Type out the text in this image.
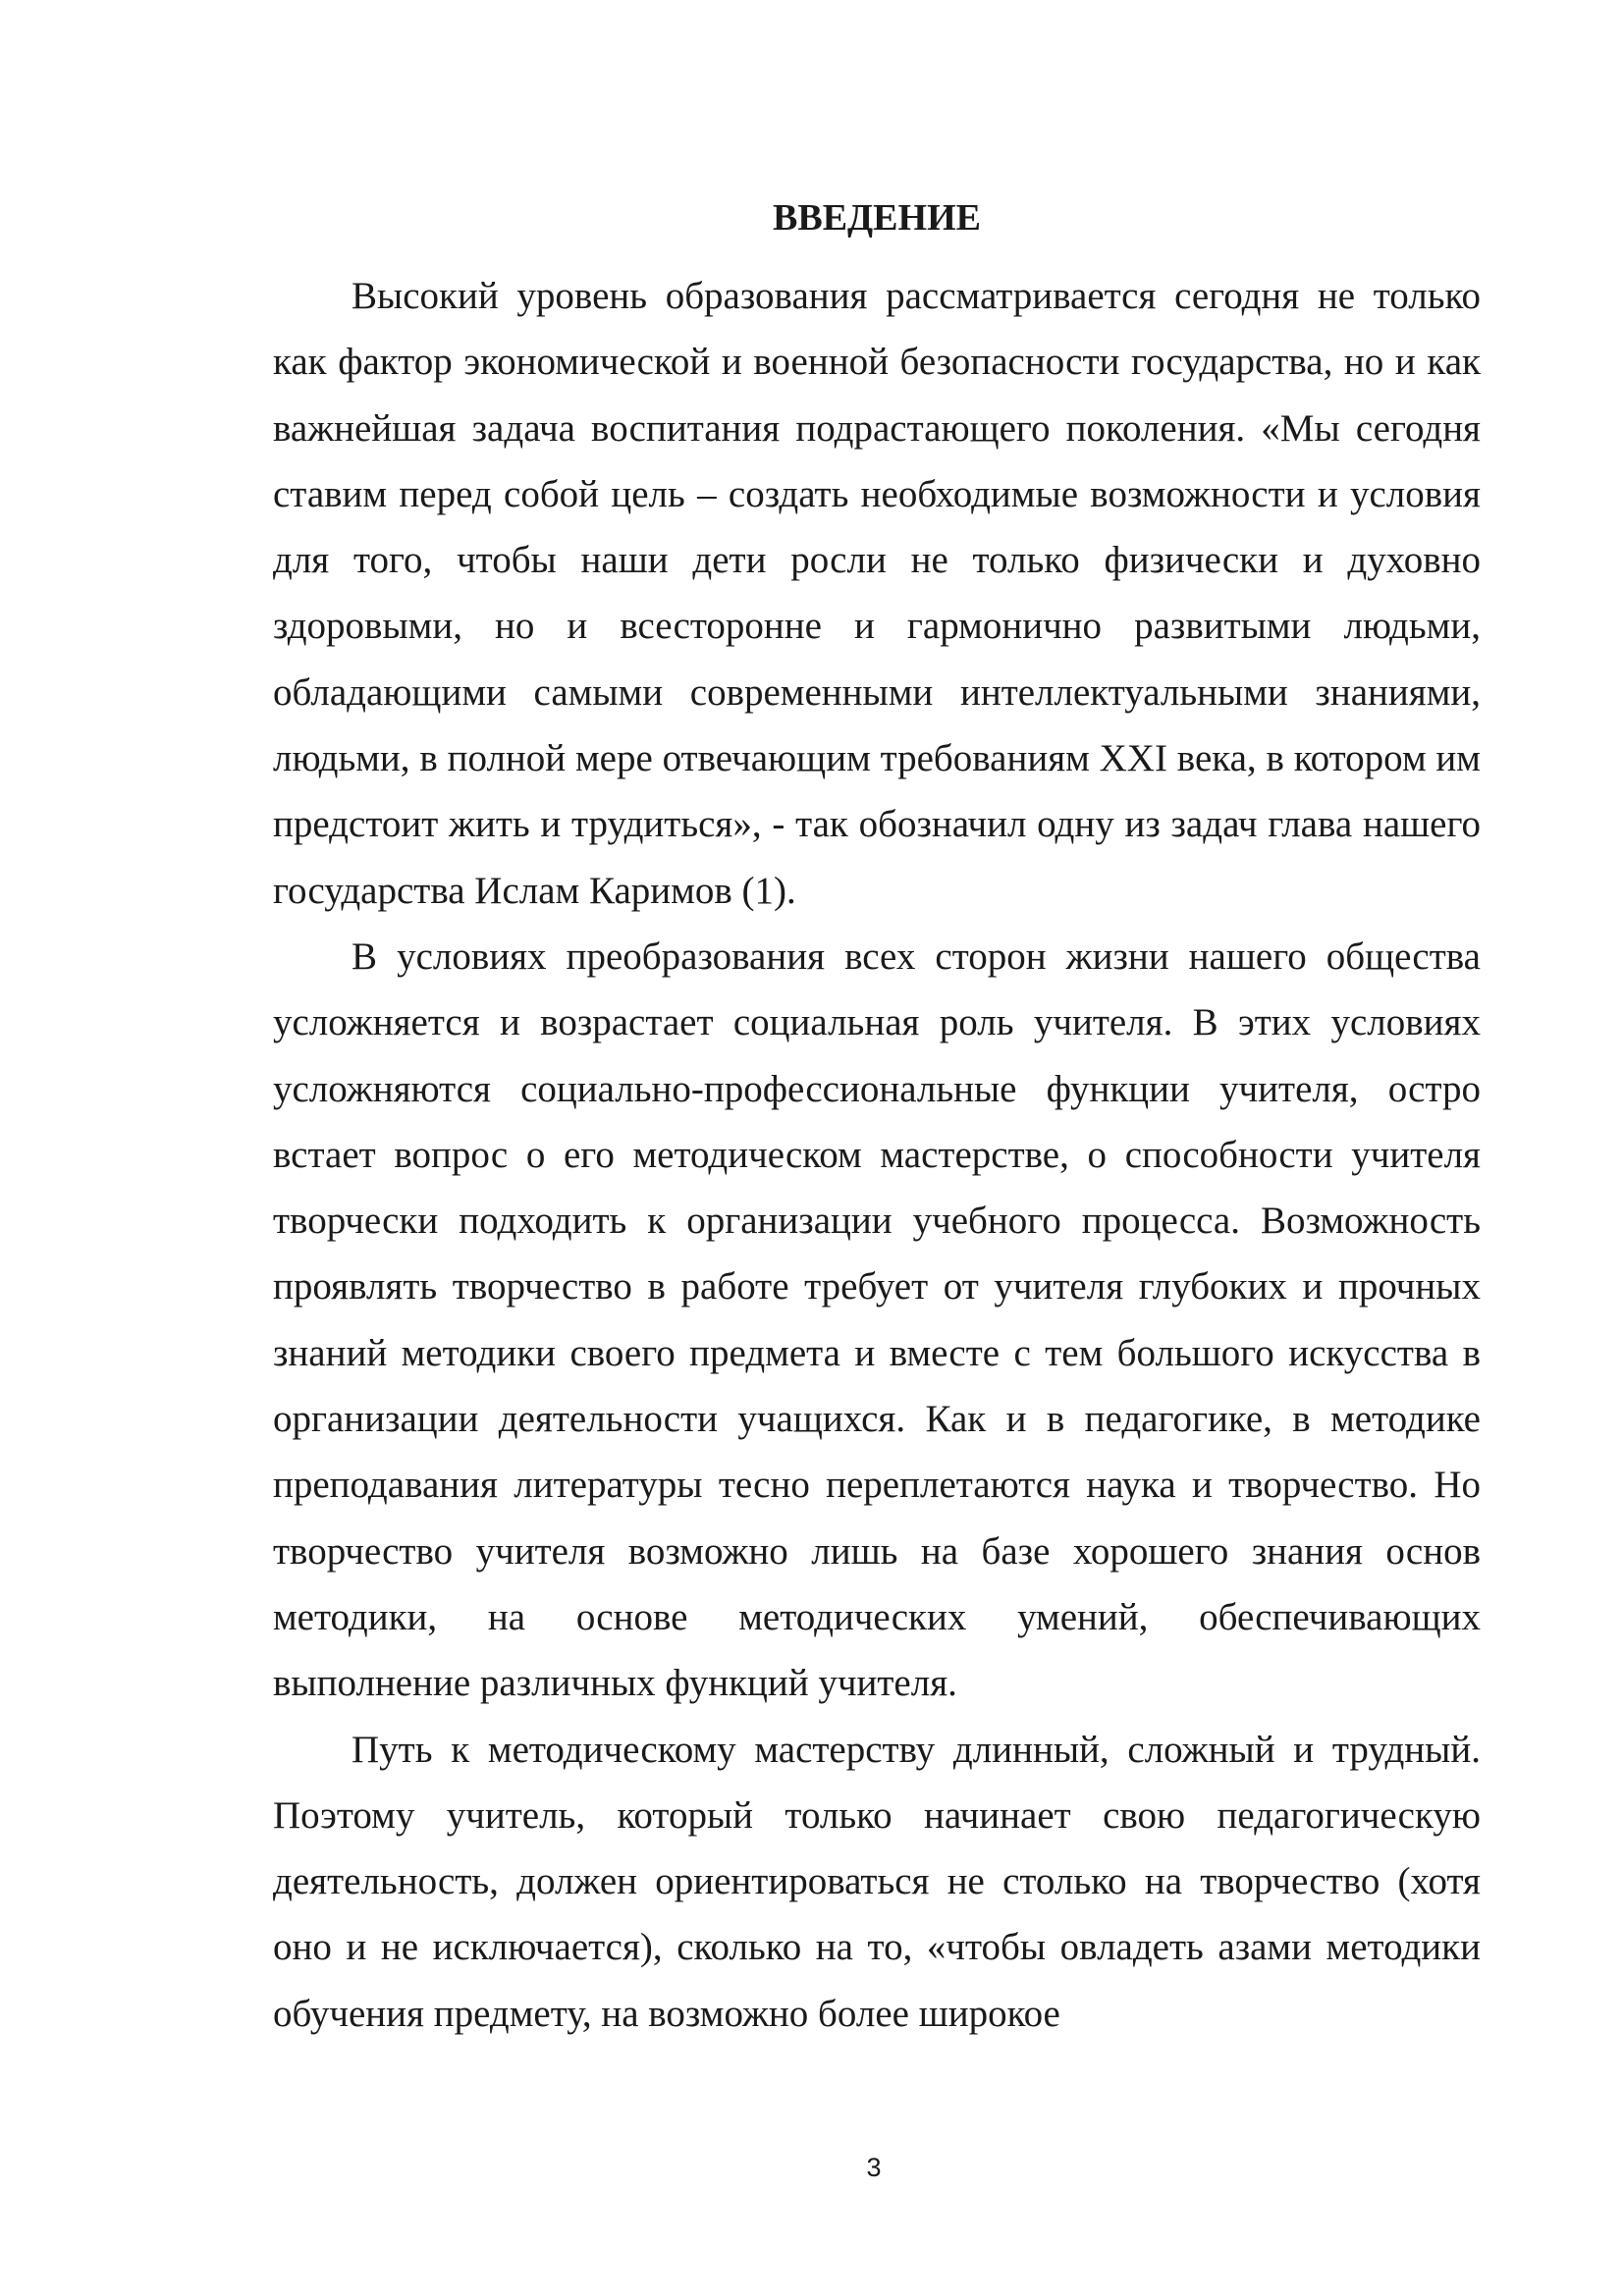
ВВЕДЕНИЕ

Высокий уровень образования рассматривается сегодня не только как фактор экономической и военной безопасности государства, но и как важнейшая задача воспитания подрастающего поколения. «Мы сегодня ставим перед собой цель – создать необходимые возможности и условия для того, чтобы наши дети росли не только физически и духовно здоровыми, но и всесторонне и гармонично развитыми людьми, обладающими самыми современными интеллектуальными знаниями, людьми, в полной мере отвечающим требованиям XXI века, в котором им предстоит жить и трудиться», - так обозначил одну из задач глава нашего государства Ислам Каримов (1).

В условиях преобразования всех сторон жизни нашего общества усложняется и возрастает социальная роль учителя. В этих условиях усложняются социально-профессиональные функции учителя, остро встает вопрос о его методическом мастерстве, о способности учителя творчески подходить к организации учебного процесса. Возможность проявлять творчество в работе требует от учителя глубоких и прочных знаний методики своего предмета и вместе с тем большого искусства в организации деятельности учащихся. Как и в педагогике, в методике преподавания литературы тесно переплетаются наука и творчество. Но творчество учителя возможно лишь на базе хорошего знания основ методики, на основе методических умений, обеспечивающих выполнение различных функций учителя.

Путь к методическому мастерству длинный, сложный и трудный. Поэтому учитель, который только начинает свою педагогическую деятельность, должен ориентироваться не столько на творчество (хотя оно и не исключается), сколько на то, «чтобы овладеть азами методики обучения предмету, на возможно более широкое

3
